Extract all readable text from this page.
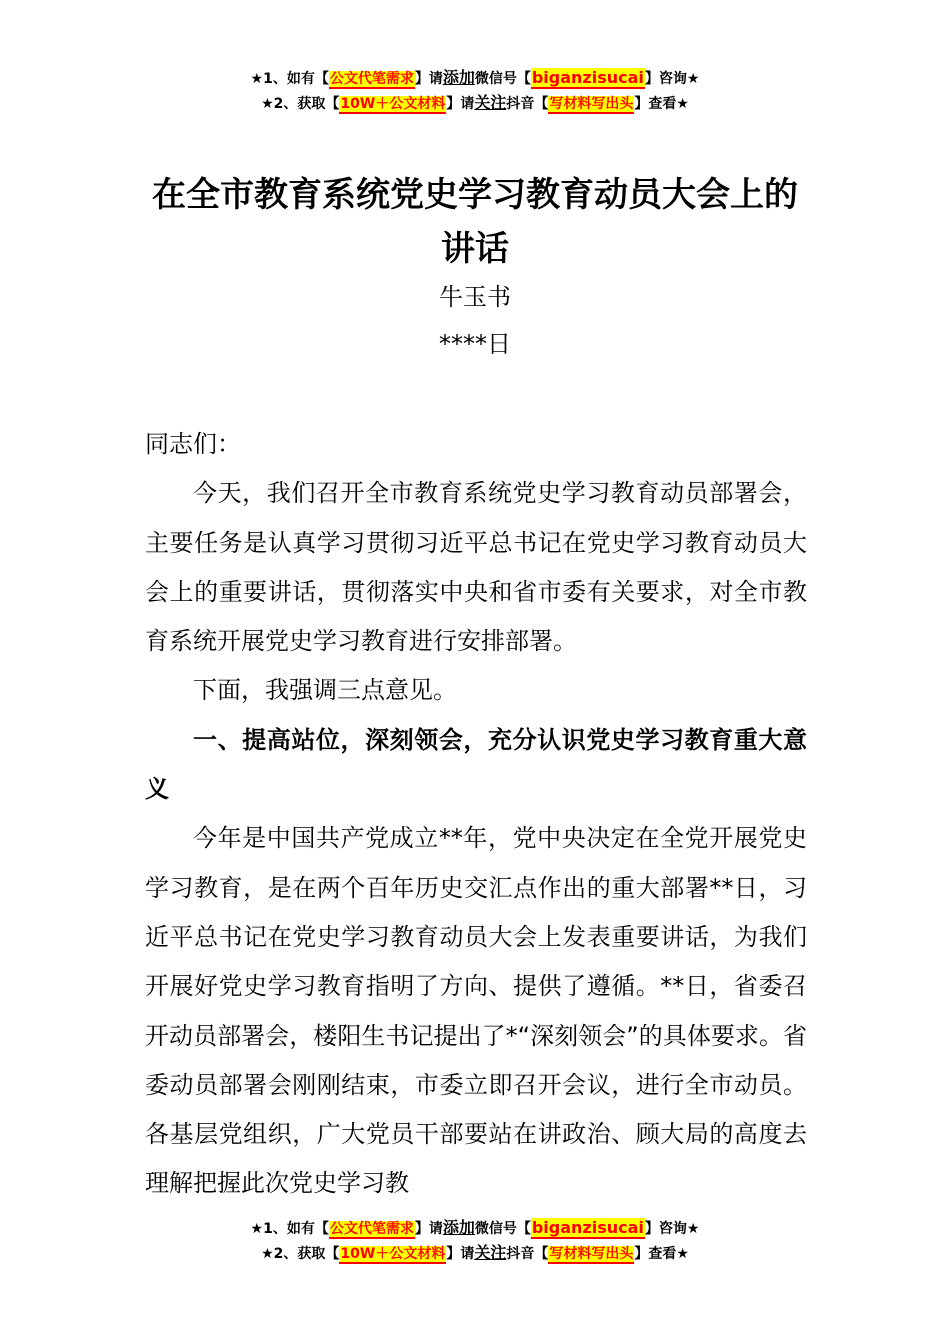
★1、如有【公文代笔需求】请添加微信号【biganzisucai】咨询★
★2、获取【10W＋公文材料】请关注抖音【写材料写出头】查看★
在全市教育系统党史学习教育动员大会上的讲话
牛玉书
****日

同志们：

今天，我们召开全市教育系统党史学习教育动员部署会，主要任务是认真学习贯彻习近平总书记在党史学习教育动员大会上的重要讲话，贯彻落实中央和省市委有关要求，对全市教育系统开展党史学习教育进行安排部署。

下面，我强调三点意见。

一、提高站位，深刻领会，充分认识党史学习教育重大意义

今年是中国共产党成立**年，党中央决定在全党开展党史学习教育，是在两个百年历史交汇点作出的重大部署**日，习近平总书记在党史学习教育动员大会上发表重要讲话，为我们开展好党史学习教育指明了方向、提供了遵循。**日，省委召开动员部署会，楼阳生书记提出了*“深刻领会”的具体要求。省委动员部署会刚刚结束，市委立即召开会议，进行全市动员。各基层党组织，广大党员干部要站在讲政治、顾大局的高度去理解把握此次党史学习教

★1、如有【公文代笔需求】请添加微信号【biganzisucai】咨询★
★2、获取【10W＋公文材料】请关注抖音【写材料写出头】查看★
